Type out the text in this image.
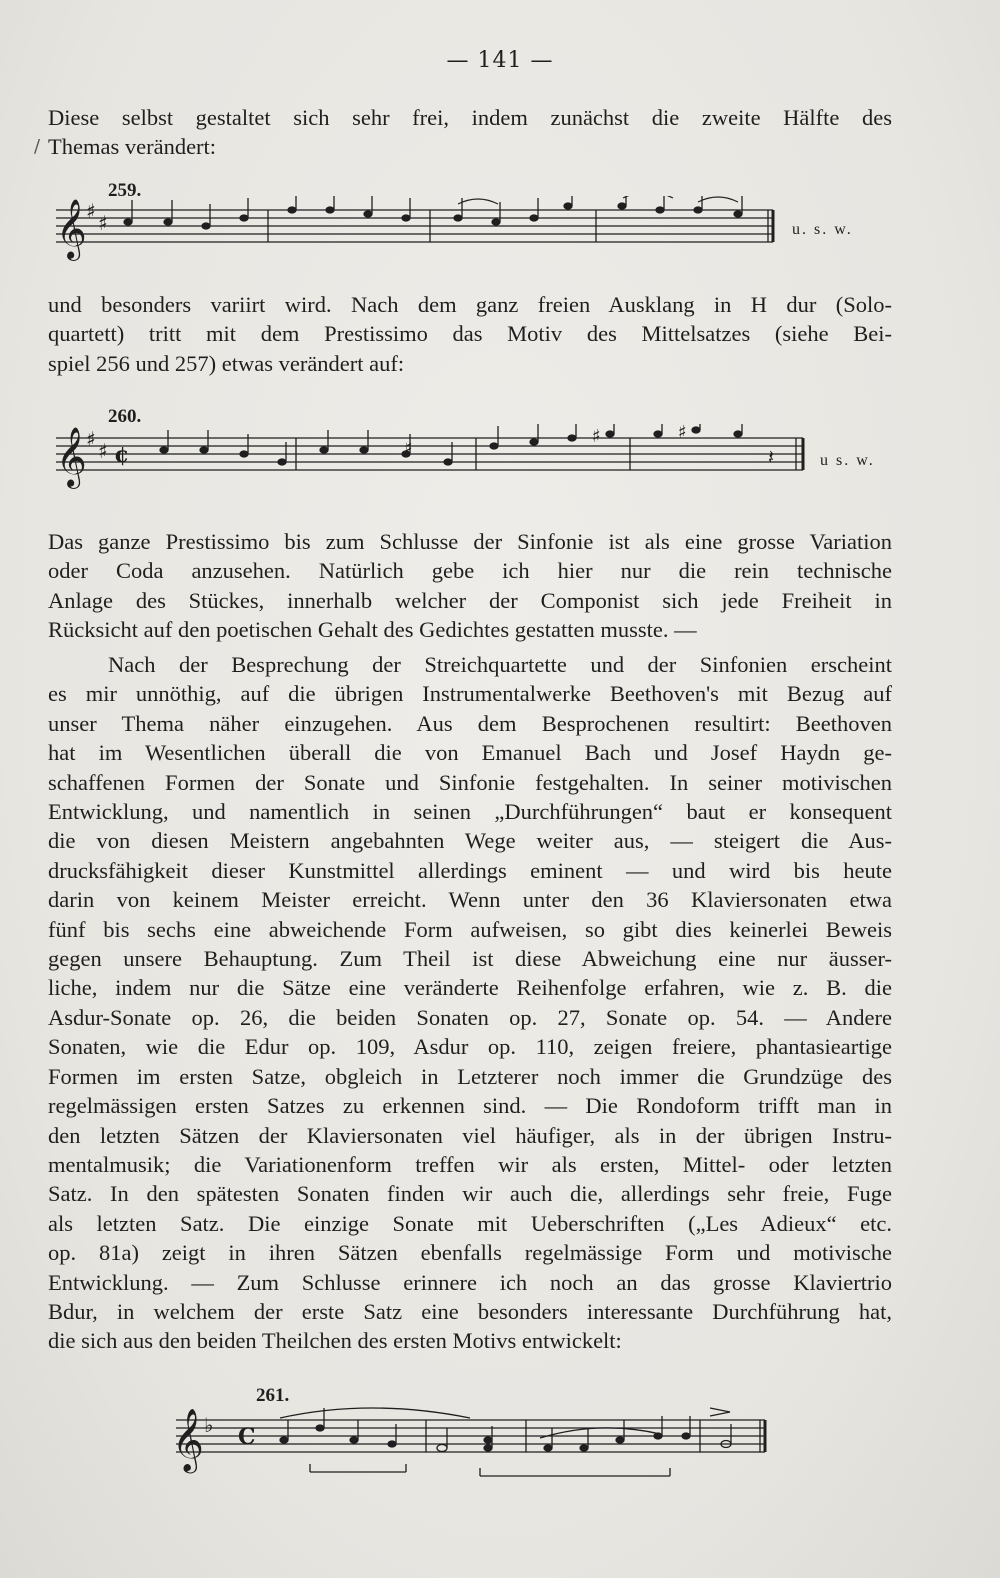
— 141 —
Diese selbst gestaltet sich sehr frei, indem zunächst die zweite Hälfte des
Themas verändert:
259.
𝄞 ♯ ♯	u. s. w.
und besonders variirt wird. Nach dem ganz freien Ausklang in H dur (Solo-
quartett) tritt mit dem Prestissimo das Motiv des Mittelsatzes (siehe Bei-
spiel 256 und 257) etwas verändert auf:
260.
𝄞 ♯ ♯ ¢	♯
♯	♯
𝄽	u s. w.
Das ganze Prestissimo bis zum Schlusse der Sinfonie ist als eine grosse Variation
oder Coda anzusehen. Natürlich gebe ich hier nur die rein technische
Anlage des Stückes, innerhalb welcher der Componist sich jede Freiheit in
Rücksicht auf den poetischen Gehalt des Gedichtes gestatten musste. —
Nach der Besprechung der Streichquartette und der Sinfonien erscheint
es mir unnöthig, auf die übrigen Instrumentalwerke Beethoven's mit Bezug auf
unser Thema näher einzugehen. Aus dem Besprochenen resultirt: Beethoven
hat im Wesentlichen überall die von Emanuel Bach und Josef Haydn ge-
schaffenen Formen der Sonate und Sinfonie festgehalten. In seiner motivischen
Entwicklung, und namentlich in seinen „Durchführungen“ baut er konsequent
die von diesen Meistern angebahnten Wege weiter aus, — steigert die Aus-
drucksfähigkeit dieser Kunstmittel allerdings eminent — und wird bis heute
darin von keinem Meister erreicht. Wenn unter den 36 Klaviersonaten etwa
fünf bis sechs eine abweichende Form aufweisen, so gibt dies keinerlei Beweis
gegen unsere Behauptung. Zum Theil ist diese Abweichung eine nur äusser-
liche, indem nur die Sätze eine veränderte Reihenfolge erfahren, wie z. B. die
Asdur-Sonate op. 26, die beiden Sonaten op. 27, Sonate op. 54. — Andere
Sonaten, wie die Edur op. 109, Asdur op. 110, zeigen freiere, phantasieartige
Formen im ersten Satze, obgleich in Letzterer noch immer die Grundzüge des
regelmässigen ersten Satzes zu erkennen sind. — Die Rondoform trifft man in
den letzten Sätzen der Klaviersonaten viel häufiger, als in der übrigen Instru-
mentalmusik; die Variationenform treffen wir als ersten, Mittel- oder letzten
Satz. In den spätesten Sonaten finden wir auch die, allerdings sehr freie, Fuge
als letzten Satz. Die einzige Sonate mit Ueberschriften („Les Adieux“ etc.
op. 81a) zeigt in ihren Sätzen ebenfalls regelmässige Form und motivische
Entwicklung. — Zum Schlusse erinnere ich noch an das grosse Klaviertrio
Bdur, in welchem der erste Satz eine besonders interessante Durchführung hat,
die sich aus den beiden Theilchen des ersten Motivs entwickelt:
261.
𝄞 ♭ C
/
